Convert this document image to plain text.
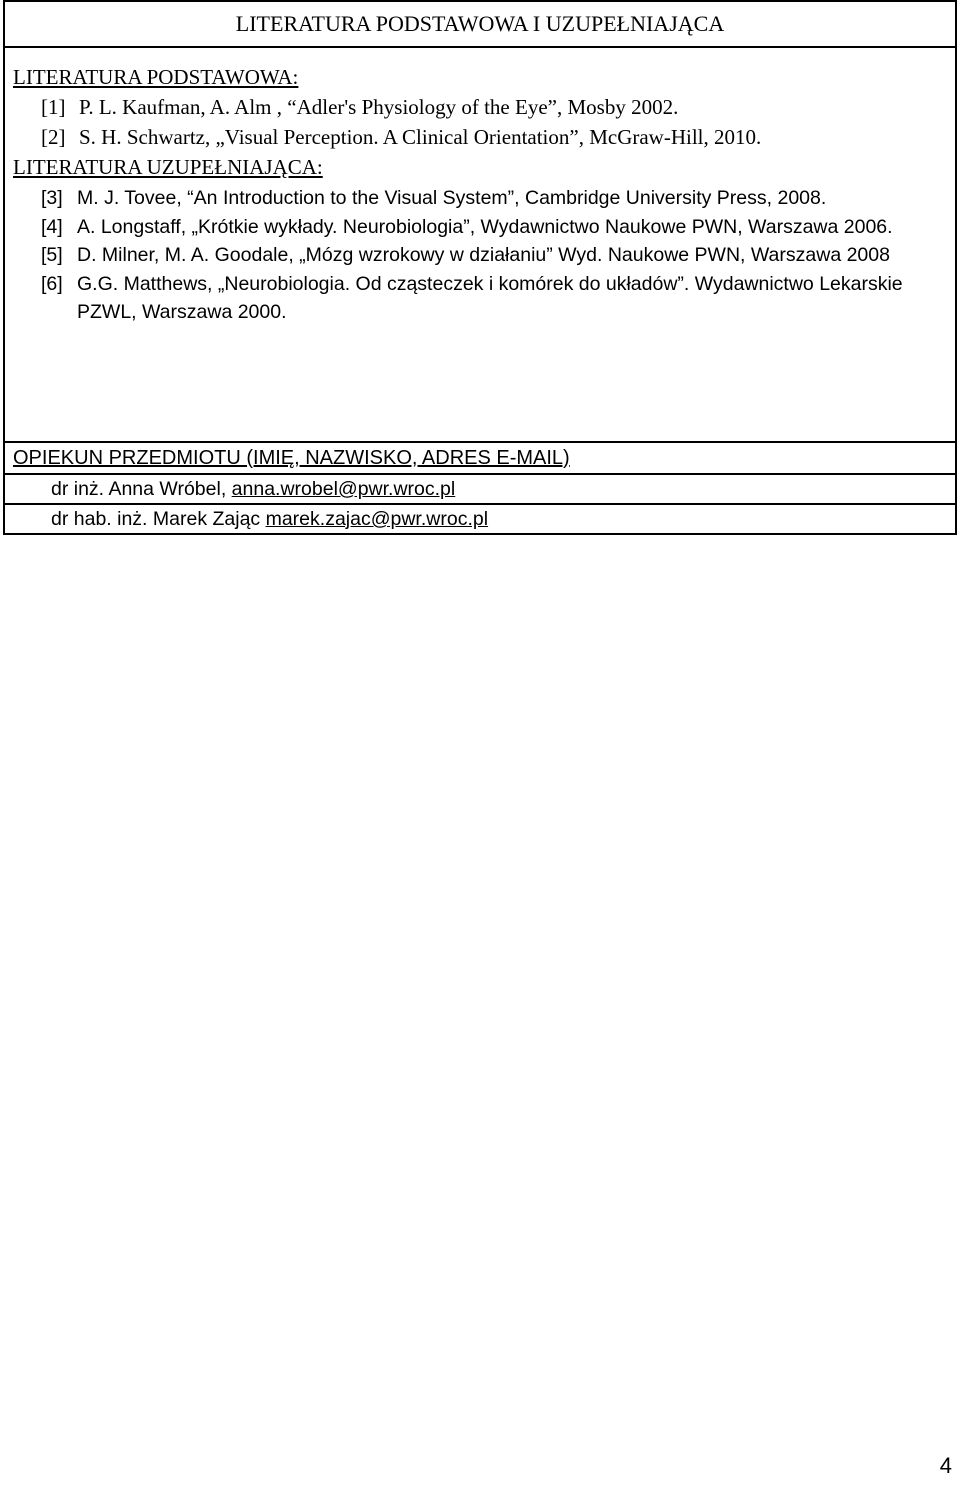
LITERATURA PODSTAWOWA I UZUPEŁNIAJĄCA

LITERATURA PODSTAWOWA:

[1] P. L. Kaufman, A. Alm , “Adler's Physiology of the Eye”, Mosby 2002.
[2] S. H. Schwartz, „Visual Perception. A Clinical Orientation”, McGraw-Hill, 2010.

LITERATURA UZUPEŁNIAJĄCA:

[3] M. J. Tovee, “An Introduction to the Visual System”, Cambridge University Press, 2008.
[4] A. Longstaff, „Krótkie wykłady. Neurobiologia”, Wydawnictwo Naukowe PWN, Warszawa 2006.
[5] D. Milner, M. A. Goodale, „Mózg wzrokowy w działaniu” Wyd. Naukowe PWN, Warszawa 2008
[6] G.G. Matthews, „Neurobiologia. Od cząsteczek i komórek do układów”. Wydawnictwo Lekarskie PZWL, Warszawa 2000.

OPIEKUN PRZEDMIOTU (IMIĘ, NAZWISKO, ADRES E-MAIL)

dr inż. Anna Wróbel, anna.wrobel@pwr.wroc.pl

dr hab. inż. Marek Zając marek.zajac@pwr.wroc.pl
4
